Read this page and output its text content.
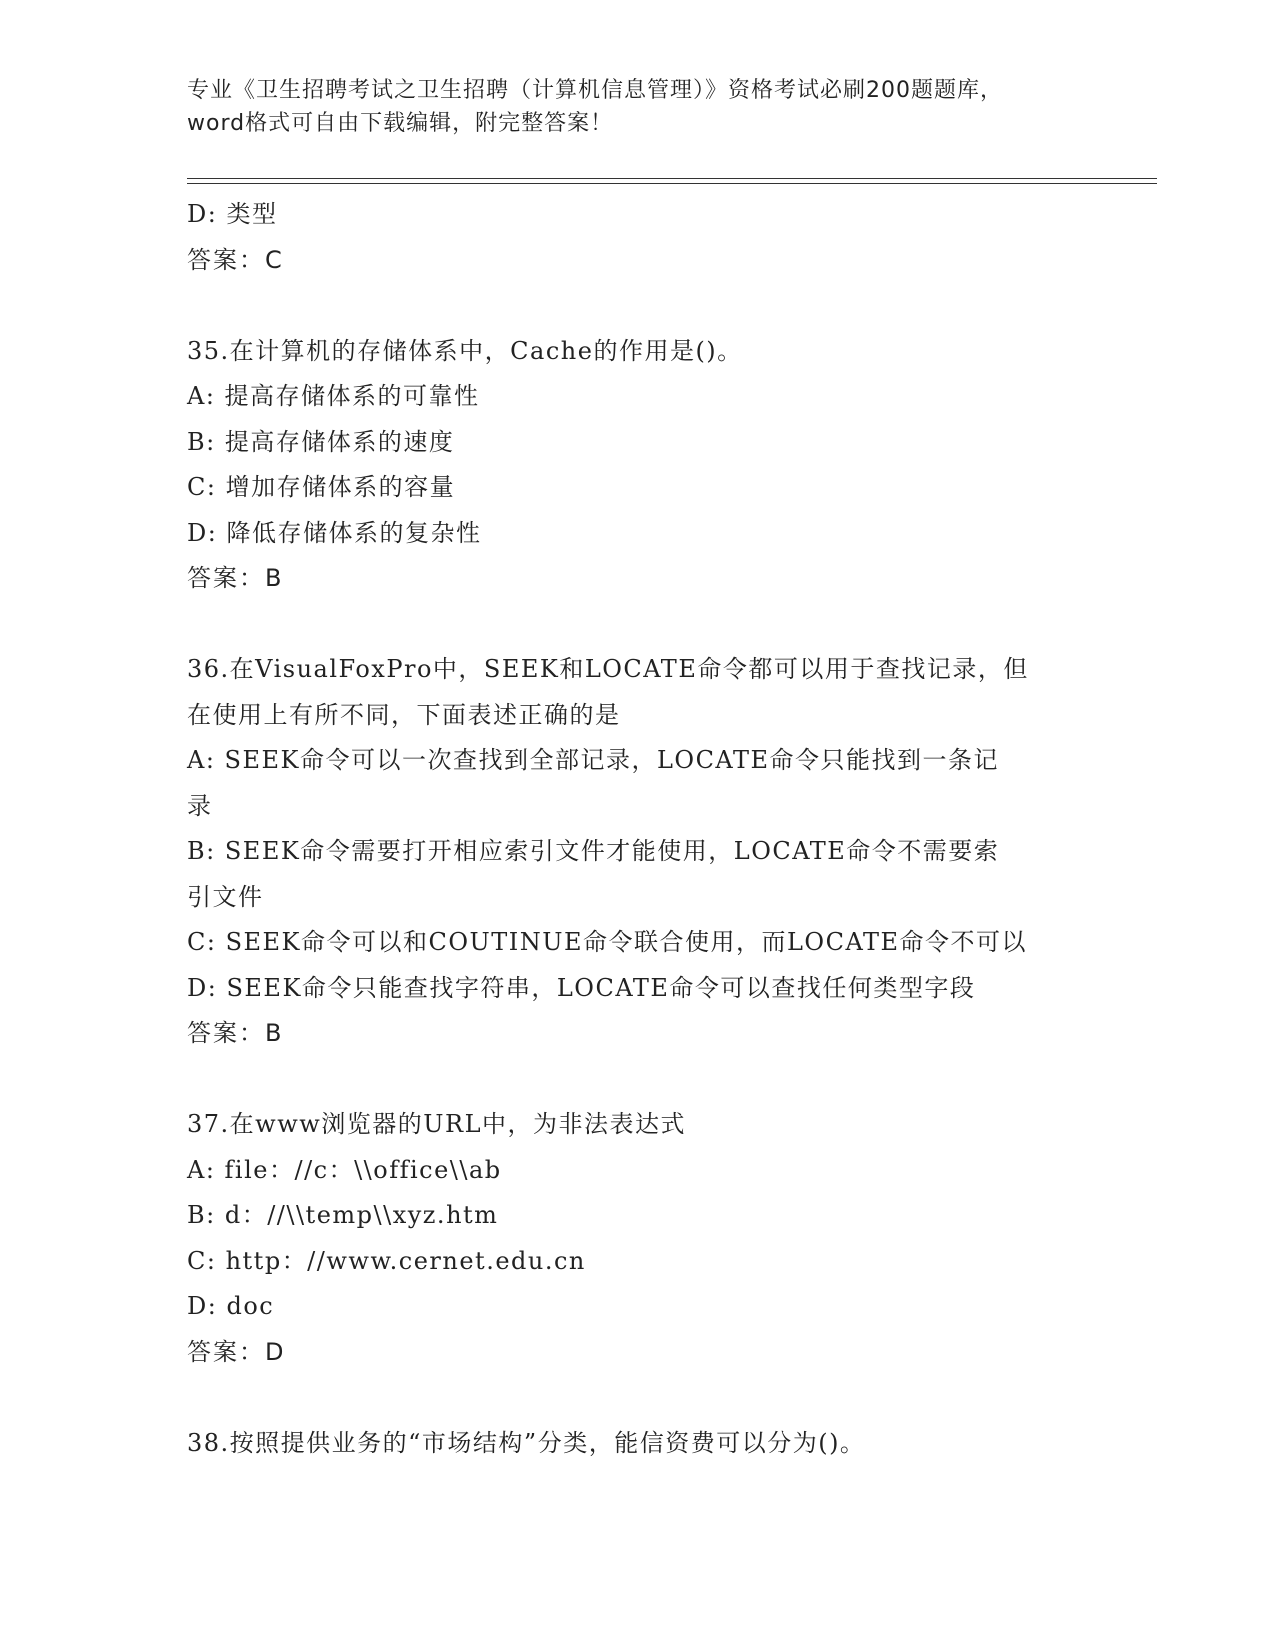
专业《卫生招聘考试之卫生招聘（计算机信息管理）》资格考试必刷200题题库，
word格式可自由下载编辑，附完整答案！
D: 类型
答案：C
35.在计算机的存储体系中，Cache的作用是()。
A: 提高存储体系的可靠性
B: 提高存储体系的速度
C: 增加存储体系的容量
D: 降低存储体系的复杂性
答案：B
36.在VisualFoxPro中，SEEK和LOCATE命令都可以用于查找记录，但
在使用上有所不同，下面表述正确的是
A: SEEK命令可以一次查找到全部记录，LOCATE命令只能找到一条记
录
B: SEEK命令需要打开相应索引文件才能使用，LOCATE命令不需要索
引文件
C: SEEK命令可以和COUTINUE命令联合使用，而LOCATE命令不可以
D: SEEK命令只能查找字符串，LOCATE命令可以查找任何类型字段
答案：B
37.在www浏览器的URL中，为非法表达式
A: file：//c：\\office\\ab
B: d：//\\temp\\xyz.htm
C: http：//www.cernet.edu.cn
D: doc
答案：D
38.按照提供业务的“市场结构”分类，能信资费可以分为()。
